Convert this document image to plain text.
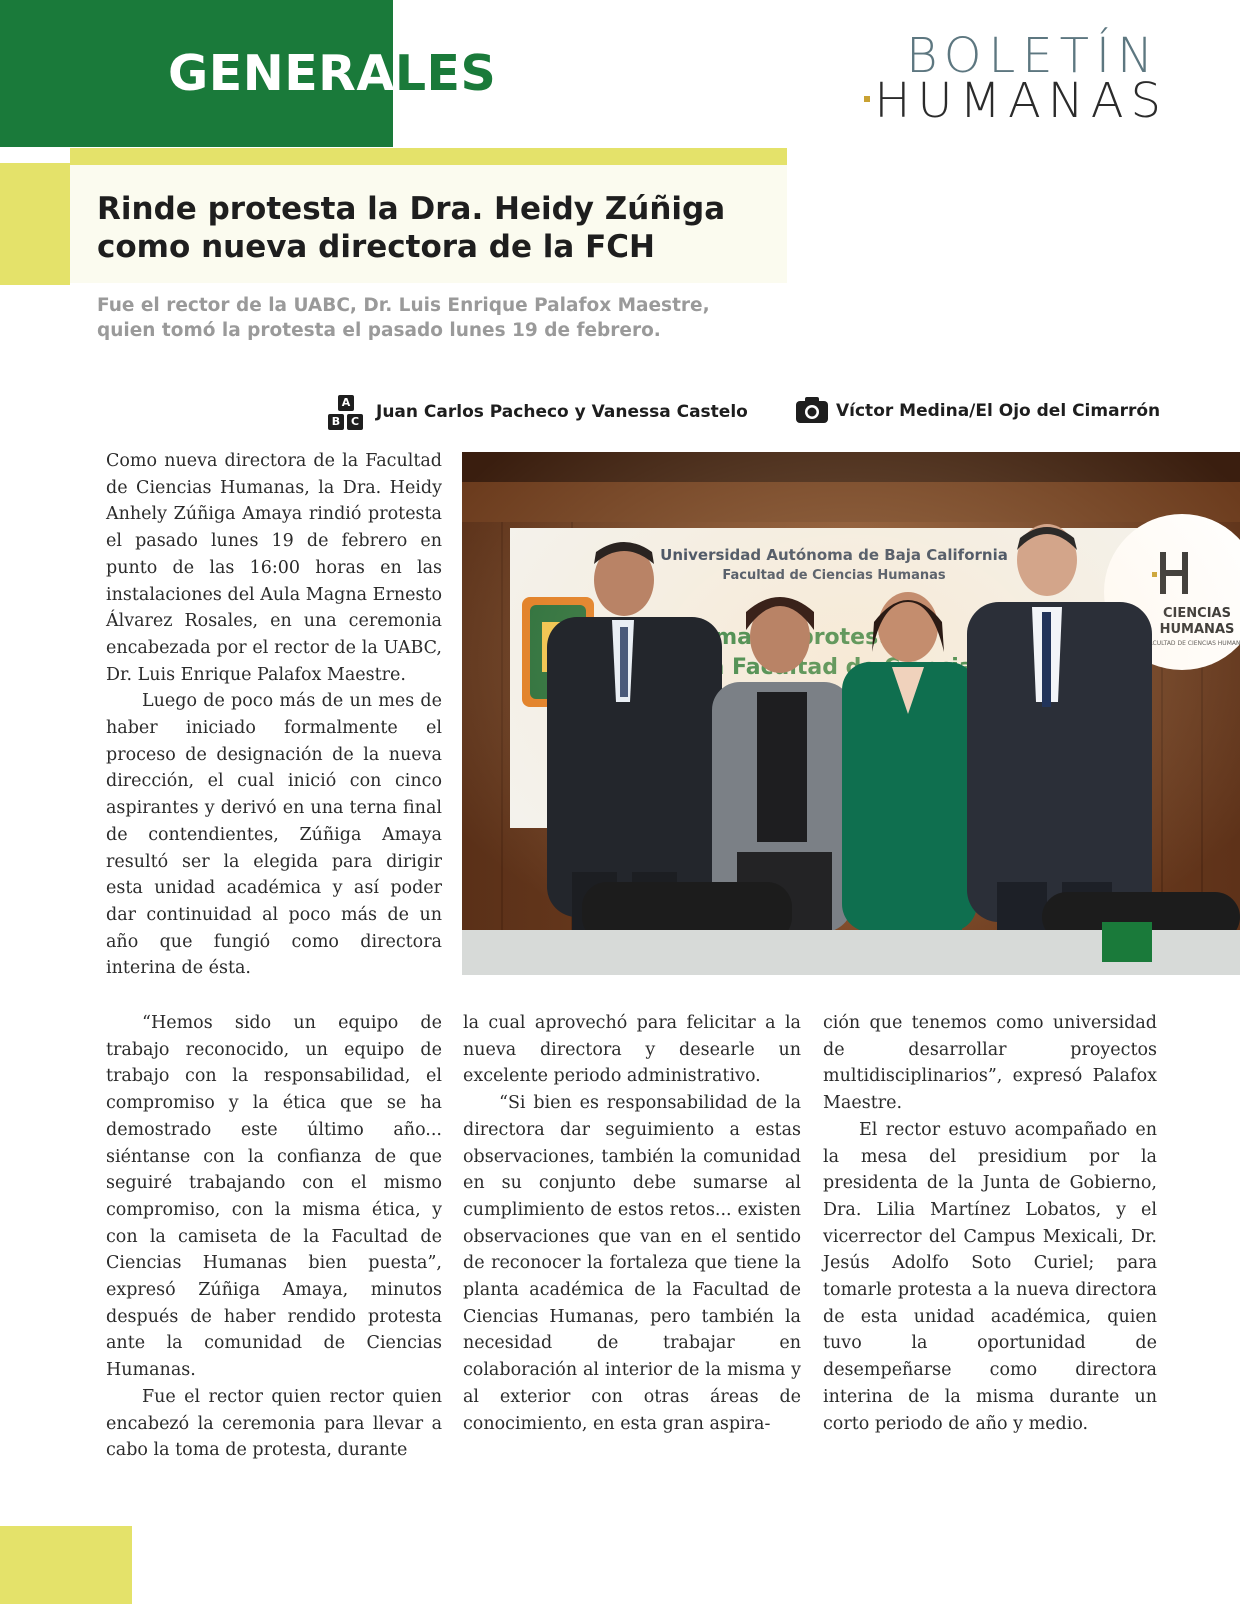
GENERALES	BOLETÍN
HUMANAS
Rinde protesta la Dra. Heidy Zúñiga
como nueva directora de la FCH
Fue el rector de la UABC, Dr. Luis Enrique Palafox Maestre,
quien tomó la protesta el pasado lunes 19 de febrero.
A
B C Juan Carlos Pacheco y Vanessa Castelo	Víctor Medina/El Ojo del Cimarrón

Como nueva directora de la Facultad de Ciencias Humanas, la Dra. Heidy Anhely Zúñiga Amaya rindió protesta el pasado lunes 19 de febrero en punto de las 16:00 horas en las instalaciones del Aula Magna Ernesto Álvarez Rosales, en una ceremonia encabezada por el rector de la UABC, Dr. Luis Enrique Palafox Maestre.

Luego de poco más de un mes de haber iniciado formalmente el proceso de designación de la nueva dirección, el cual inició con cinco aspirantes y derivó en una terna final de contendientes, Zúñiga Amaya resultó ser la elegida para dirigir esta unidad académica y así poder dar continuidad al poco más de un año que fungió como directora interina de ésta.

“Hemos sido un equipo de trabajo reconocido, un equipo de trabajo con la responsabilidad, el compromiso y la ética que se ha demostrado este último año... siéntanse con la confianza de que seguiré trabajando con el mismo compromiso, con la misma ética, y con la camiseta de la Facultad de Ciencias Humanas bien puesta”, expresó Zúñiga Amaya, minutos después de haber rendido protesta ante la comunidad de Ciencias Humanas.

Fue el rector quien rector quien encabezó la ceremonia para llevar a cabo la toma de protesta, durante

la cual aprovechó para felicitar a la nueva directora y desearle un excelente periodo administrativo.

“Si bien es responsabilidad de la directora dar seguimiento a estas observaciones, también la comunidad en su conjunto debe sumarse al cumplimiento de estos retos... existen observaciones que van en el sentido de reconocer la fortaleza que tiene la planta académica de la Facultad de Ciencias Humanas, pero también la necesidad de trabajar en colaboración al interior de la misma y al exterior con otras áreas de conocimiento, en esta gran aspira-

ción que tenemos como universidad de desarrollar proyectos multidisciplinarios”, expresó Palafox Maestre.

El rector estuvo acompañado en la mesa del presidium por la presidenta de la Junta de Gobierno, Dra. Lilia Martínez Lobatos, y el vicerrector del Campus Mexicali, Dr. Jesús Adolfo Soto Curiel; para tomarle protesta a la nueva directora de esta unidad académica, quien tuvo la oportunidad de desempeñarse como directora interina de la misma durante un corto periodo de año y medio.
